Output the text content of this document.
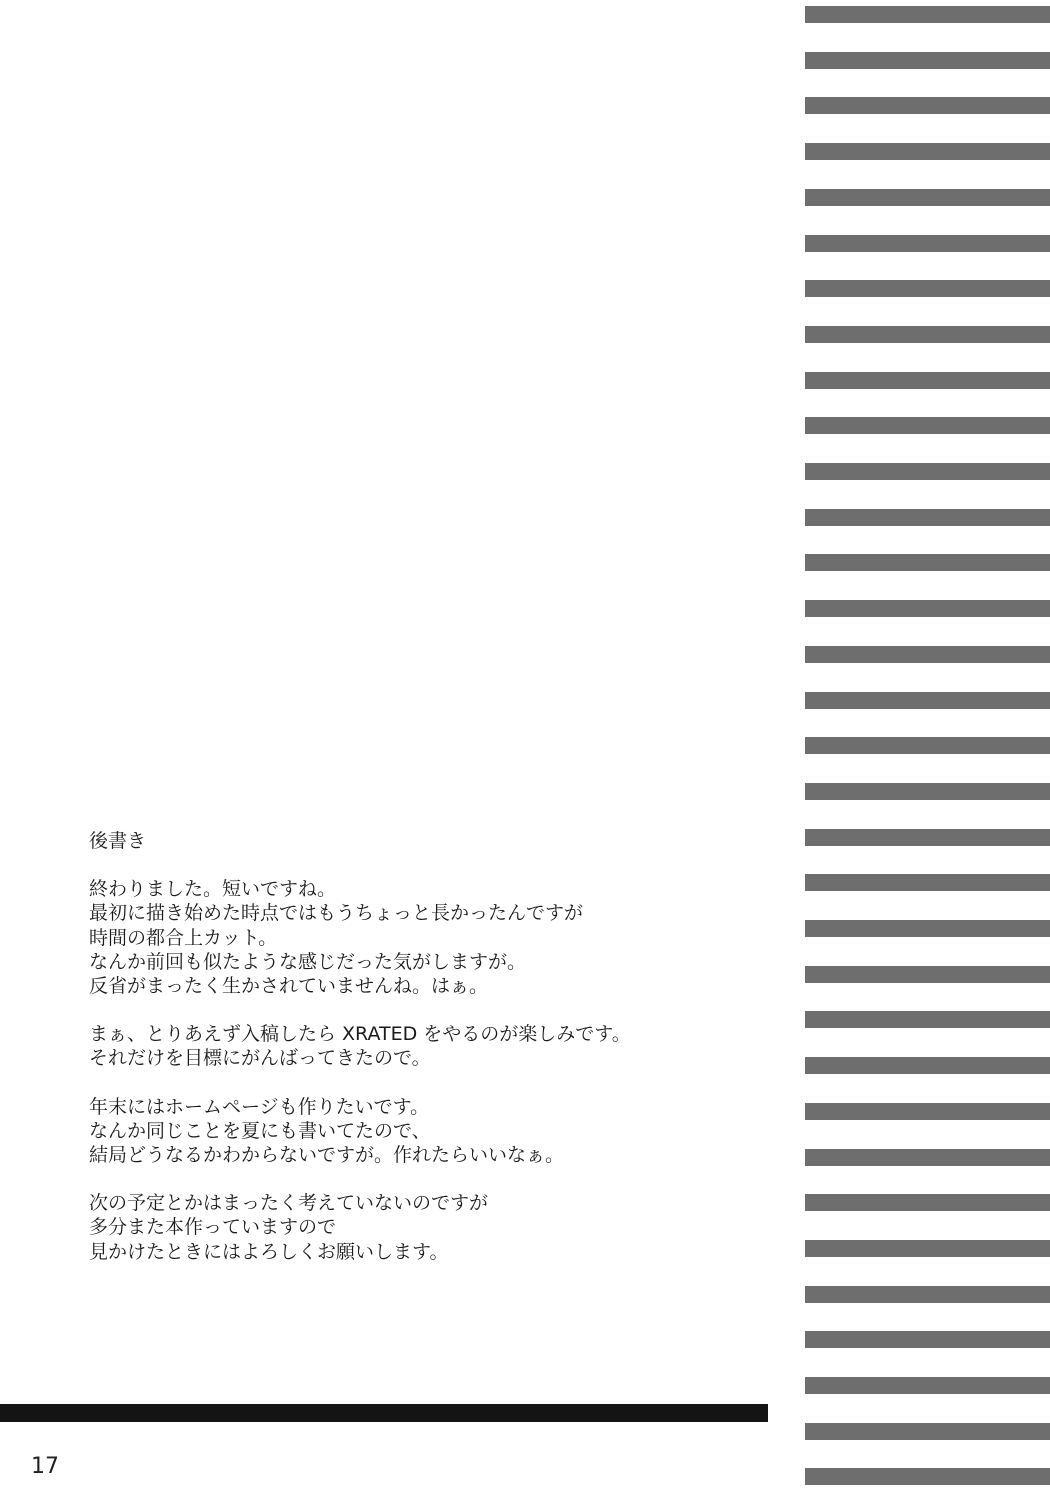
後書き
終わりました。短いですね。
最初に描き始めた時点ではもうちょっと長かったんですが
時間の都合上カット。
なんか前回も似たような感じだった気がしますが。
反省がまったく生かされていませんね。はぁ。
まぁ、とりあえず入稿したら XRATED をやるのが楽しみです。
それだけを目標にがんばってきたので。
年末にはホームページも作りたいです。
なんか同じことを夏にも書いてたので、
結局どうなるかわからないですが。作れたらいいなぁ。
次の予定とかはまったく考えていないのですが
多分また本作っていますので
見かけたときにはよろしくお願いします。
17
